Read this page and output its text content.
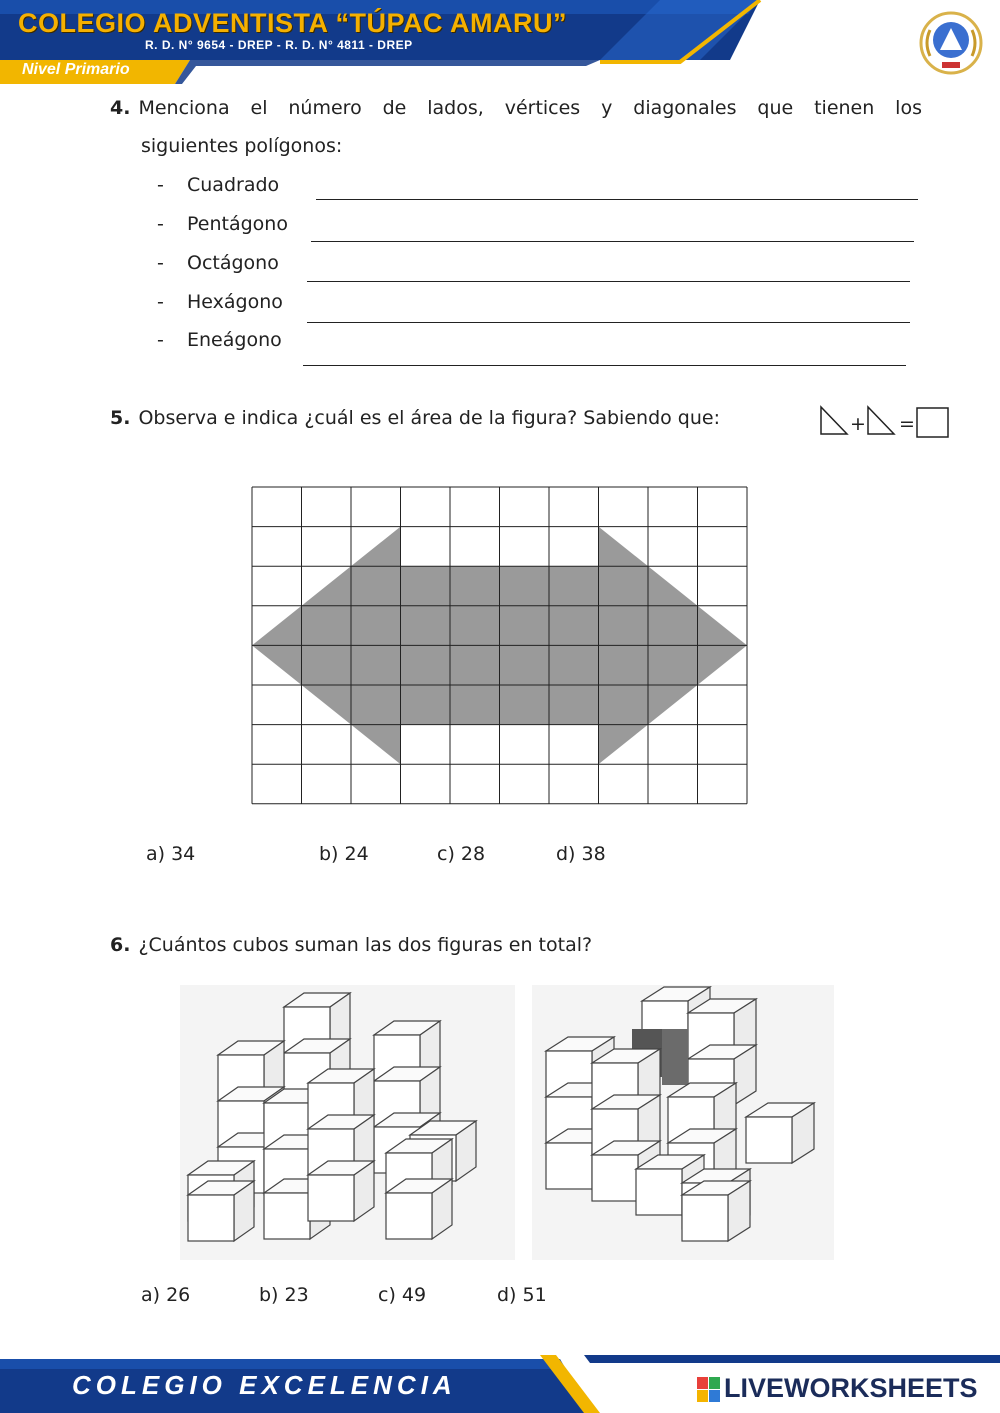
COLEGIO ADVENTISTA “TÚPAC AMARU”
R. D. N° 9654 - DREP - R. D. N° 4811 - DREP
Nivel Primario
4. Menciona el número de lados, vértices y diagonales que tienen los
siguientes polígonos:
- Cuadrado
- Pentágono
- Octágono
- Hexágono
- Eneágono
5. Observa e indica ¿cuál es el área de la figura? Sabiendo que:	+ =
a) 34	b) 24	c) 28	d) 38
6. ¿Cuántos cubos suman las dos figuras en total?
a) 26	b) 23	c) 49	d) 51
COLEGIO EXCELENCIA	LIVEWORKSHEETS
